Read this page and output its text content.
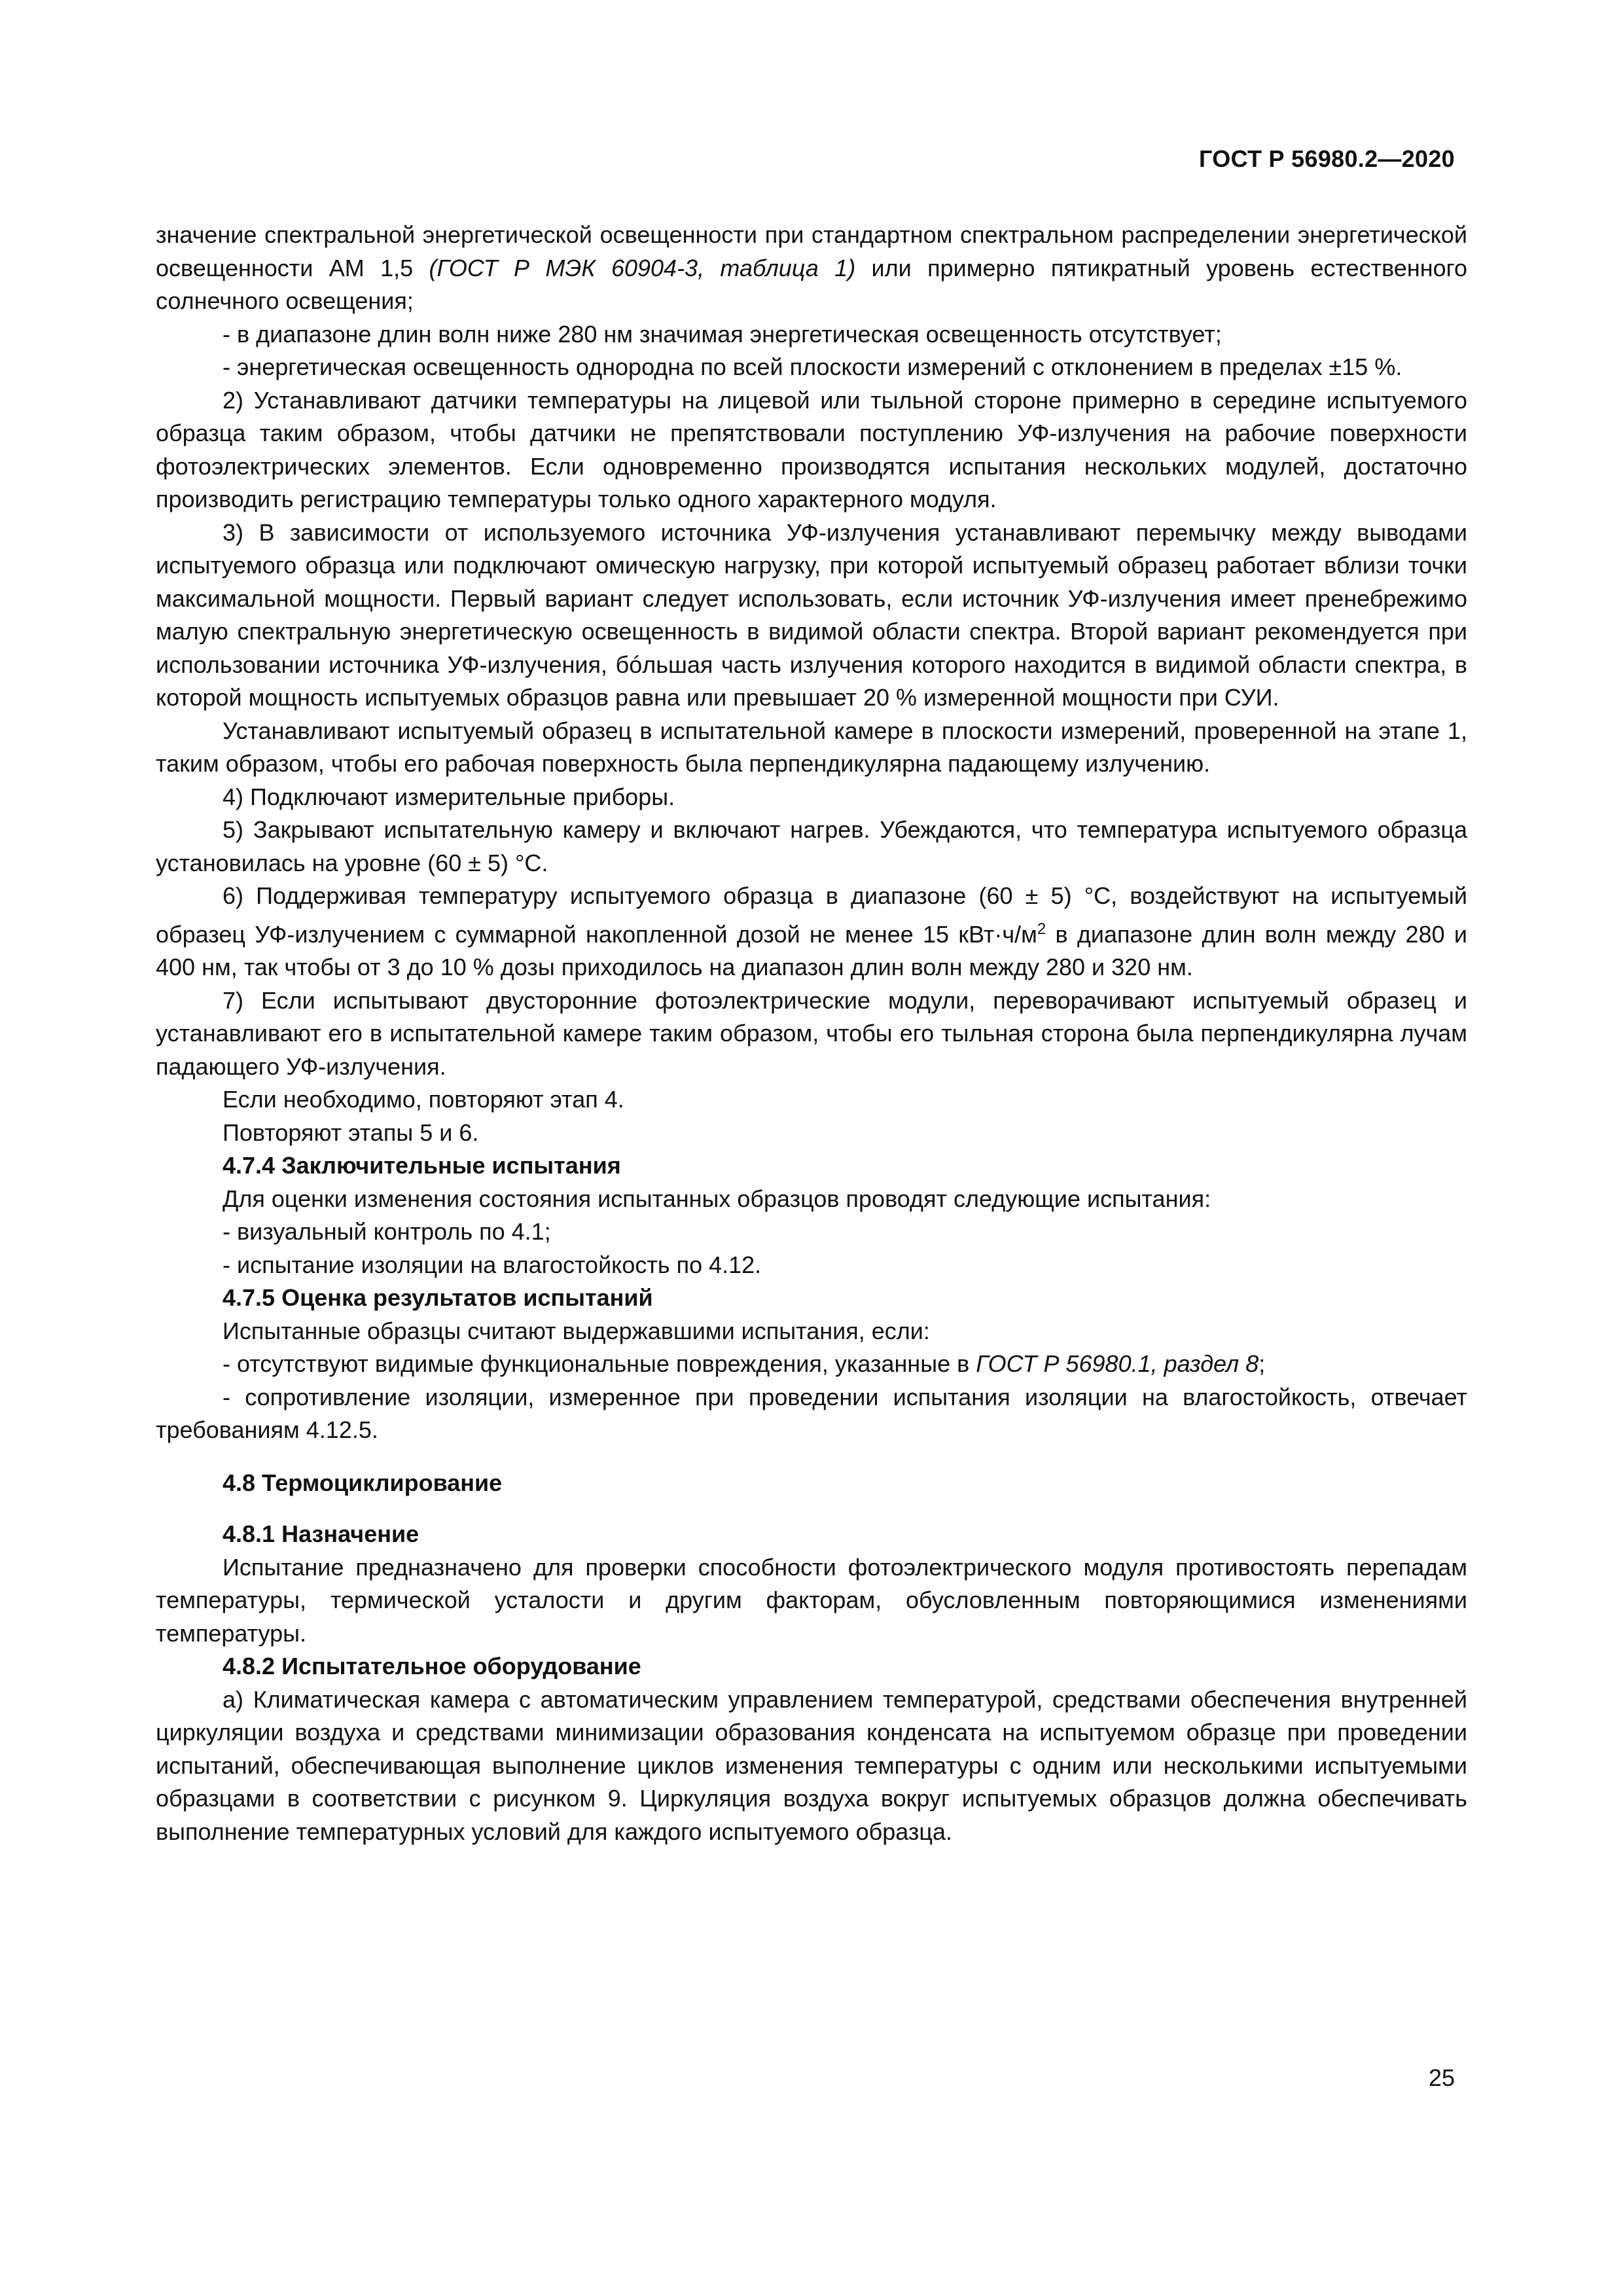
ГОСТ Р 56980.2—2020

значение спектральной энергетической освещенности при стандартном спектральном распределении энергетической освещенности AM 1,5 (ГОСТ Р МЭК 60904-3, таблица 1) или примерно пятикратный уровень естественного солнечного освещения;

- в диапазоне длин волн ниже 280 нм значимая энергетическая освещенность отсутствует;

- энергетическая освещенность однородна по всей плоскости измерений с отклонением в пределах ±15 %.

2) Устанавливают датчики температуры на лицевой или тыльной стороне примерно в середине испытуемого образца таким образом, чтобы датчики не препятствовали поступлению УФ-излучения на рабочие поверхности фотоэлектрических элементов. Если одновременно производятся испытания нескольких модулей, достаточно производить регистрацию температуры только одного характерного модуля.

3) В зависимости от используемого источника УФ-излучения устанавливают перемычку между выводами испытуемого образца или подключают омическую нагрузку, при которой испытуемый образец работает вблизи точки максимальной мощности. Первый вариант следует использовать, если источник УФ-излучения имеет пренебрежимо малую спектральную энергетическую освещенность в видимой области спектра. Второй вариант рекомендуется при использовании источника УФ-излучения, бóльшая часть излучения которого находится в видимой области спектра, в которой мощность испытуемых образцов равна или превышает 20 % измеренной мощности при СУИ.

Устанавливают испытуемый образец в испытательной камере в плоскости измерений, проверенной на этапе 1, таким образом, чтобы его рабочая поверхность была перпендикулярна падающему излучению.

4) Подключают измерительные приборы.

5) Закрывают испытательную камеру и включают нагрев. Убеждаются, что температура испытуемого образца установилась на уровне (60 ± 5) °С.

6) Поддерживая температуру испытуемого образца в диапазоне (60 ± 5) °С, воздействуют на испытуемый образец УФ-излучением с суммарной накопленной дозой не менее 15 $кВт\cdot ч/м^2$ в диапазоне длин волн между 280 и 400 нм, так чтобы от 3 до 10 % дозы приходилось на диапазон длин волн между 280 и 320 нм.

7) Если испытывают двусторонние фотоэлектрические модули, переворачивают испытуемый образец и устанавливают его в испытательной камере таким образом, чтобы его тыльная сторона была перпендикулярна лучам падающего УФ-излучения.

Если необходимо, повторяют этап 4.

Повторяют этапы 5 и 6.

4.7.4 Заключительные испытания

Для оценки изменения состояния испытанных образцов проводят следующие испытания:

- визуальный контроль по 4.1;

- испытание изоляции на влагостойкость по 4.12.

4.7.5 Оценка результатов испытаний

Испытанные образцы считают выдержавшими испытания, если:

- отсутствуют видимые функциональные повреждения, указанные в ГОСТ Р 56980.1, раздел 8;

- сопротивление изоляции, измеренное при проведении испытания изоляции на влагостойкость, отвечает требованиям 4.12.5.

4.8 Термоциклирование

4.8.1 Назначение

Испытание предназначено для проверки способности фотоэлектрического модуля противостоять перепадам температуры, термической усталости и другим факторам, обусловленным повторяющимися изменениями температуры.

4.8.2 Испытательное оборудование

а) Климатическая камера с автоматическим управлением температурой, средствами обеспечения внутренней циркуляции воздуха и средствами минимизации образования конденсата на испытуемом образце при проведении испытаний, обеспечивающая выполнение циклов изменения температуры с одним или несколькими испытуемыми образцами в соответствии с рисунком 9. Циркуляция воздуха вокруг испытуемых образцов должна обеспечивать выполнение температурных условий для каждого испытуемого образца.

25
